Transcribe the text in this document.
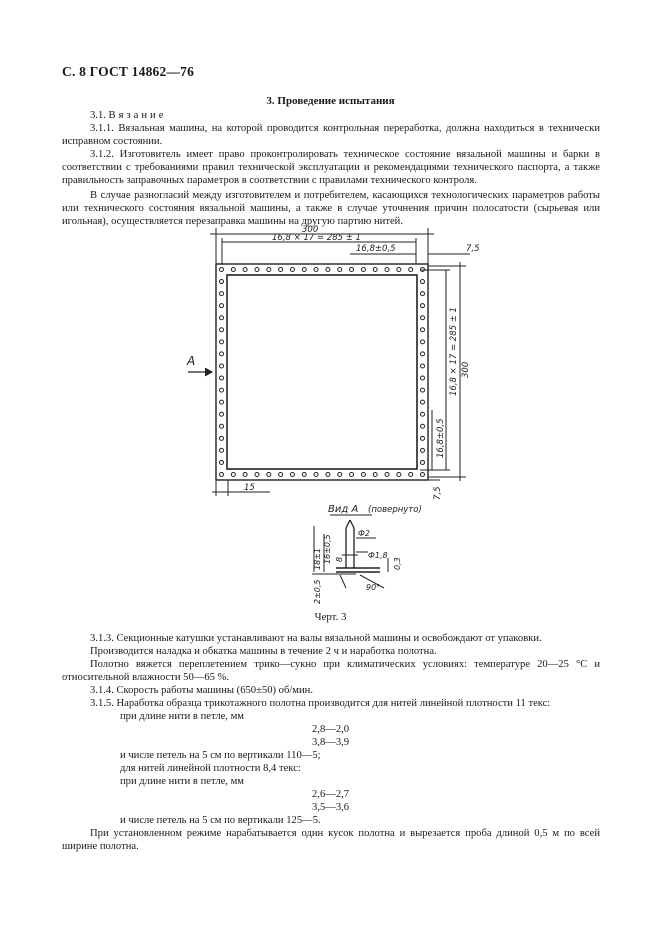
С. 8 ГОСТ 14862—76
3. Проведение испытания
3.1. Вязание
3.1.1. Вязальная машина, на которой проводится контрольная переработка, должна находиться в технически исправном состоянии.
3.1.2. Изготовитель имеет право проконтролировать техническое состояние вязальной машины и барки в соответствии с требованиями правил технической эксплуатации и рекомендациями технического паспорта, а также правильность заправочных параметров в соответствии с правилами технического контроля.
В случае разногласий между изготовителем и потребителем, касающихся технологических параметров работы или технического состояния вязальной машины, а также в случае уточнения причин полосатости (сырьевая или игольная), осуществляется перезаправка машины на другую партию нитей.
300
16,8 × 17 = 285 ± 1
16,8±0,5	7,5
15
A	16,8 × 17 = 285 ± 1 300
16,8±0,5
7,5
Вид A (повернуто)
Ф2
Ф1,8
18±1 16±0,5 8	0,3
2±0,5	90°
Черт. 3
3.1.3. Секционные катушки устанавливают на валы вязальной машины и освобождают от упаковки.
Производится наладка и обкатка машины в течение 2 ч и наработка полотна.
Полотно вяжется переплетением трико—сукно при климатических условиях: температуре 20—25 °С и относительной влажности 50—65 %.
3.1.4. Скорость работы машины (650±50) об/мин.
3.1.5. Наработка образца трикотажного полотна производится для нитей линейной плотности 11 текс:
при длине нити в петле, мм
2,8—2,0
3,8—3,9
и числе петель на 5 см по вертикали 110—5;
для нитей линейной плотности 8,4 текс:
при длине нити в петле, мм
2,6—2,7
3,5—3,6
и числе петель на 5 см по вертикали 125—5.
При установленном режиме нарабатывается один кусок полотна и вырезается проба длиной 0,5 м по всей ширине полотна.
